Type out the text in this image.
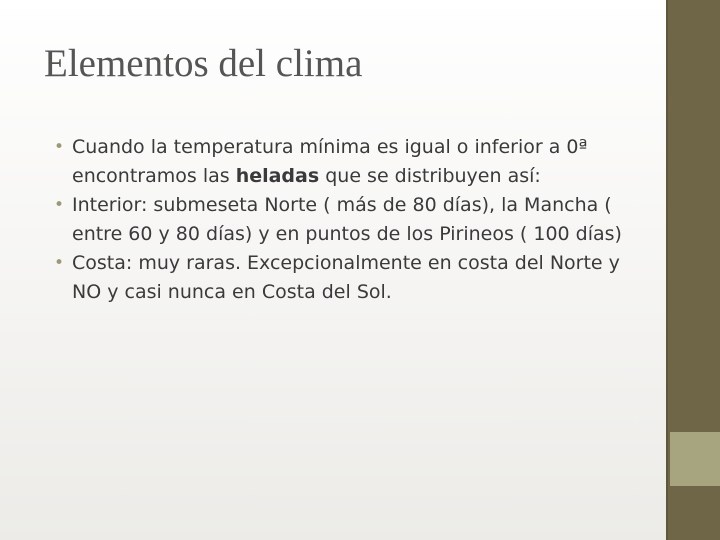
Elementos del clima
• Cuando la temperatura mínima es igual o inferior a 0ª encontramos las heladas que se distribuyen así:
• Interior: submeseta Norte ( más de 80 días), la Mancha ( entre 60 y 80 días) y en puntos de los Pirineos ( 100 días)
• Costa: muy raras. Excepcionalmente en costa del Norte y NO y casi nunca en Costa del Sol.
